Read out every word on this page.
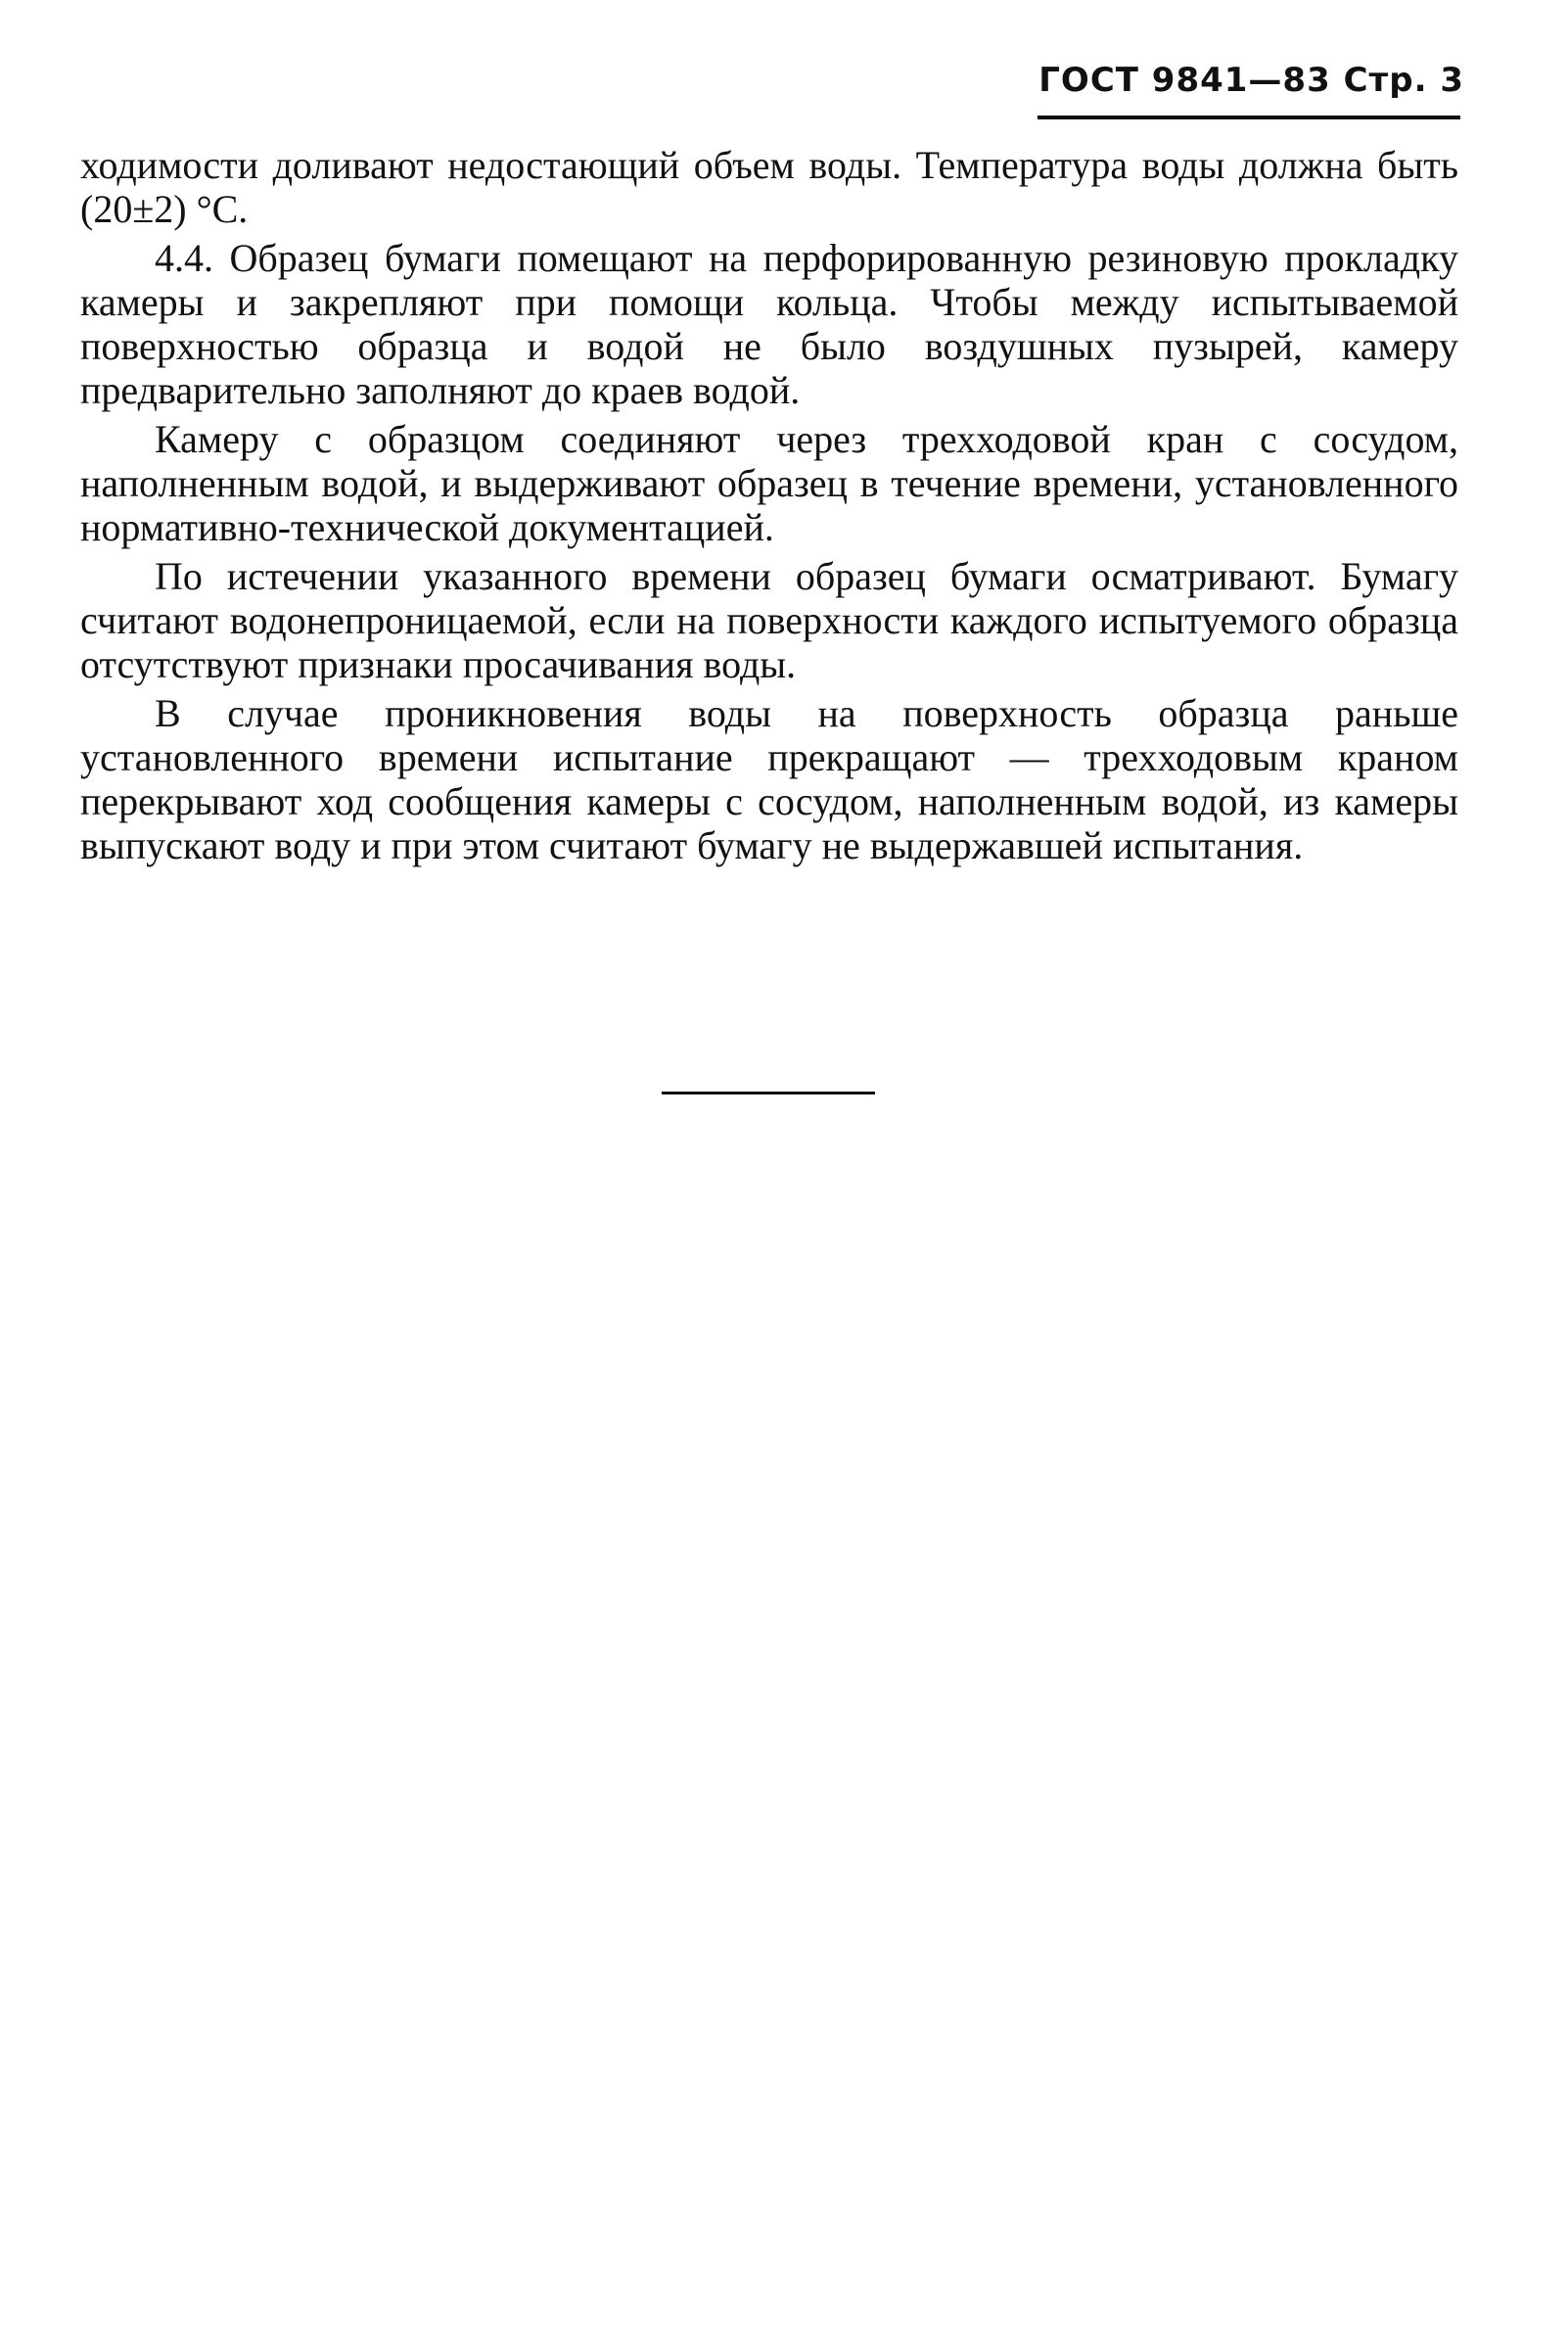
ГОСТ 9841—83 Стр. 3

ходимости доливают недостающий объем воды. Температура воды должна быть (20±2) °С.

4.4. Образец бумаги помещают на перфорированную резиновую прокладку камеры и закрепляют при помощи кольца. Чтобы между испытываемой поверхностью образца и водой не было воздушных пузырей, камеру предварительно заполняют до краев водой.

Камеру с образцом соединяют через трехходовой кран с сосудом, наполненным водой, и выдерживают образец в течение времени, установленного нормативно-технической документацией.

По истечении указанного времени образец бумаги осматривают. Бумагу считают водонепроницаемой, если на поверхности каждого испытуемого образца отсутствуют признаки просачивания воды.

В случае проникновения воды на поверхность образца раньше установленного времени испытание прекращают — трехходовым краном перекрывают ход сообщения камеры с сосудом, наполненным водой, из камеры выпускают воду и при этом считают бумагу не выдержавшей испытания.
